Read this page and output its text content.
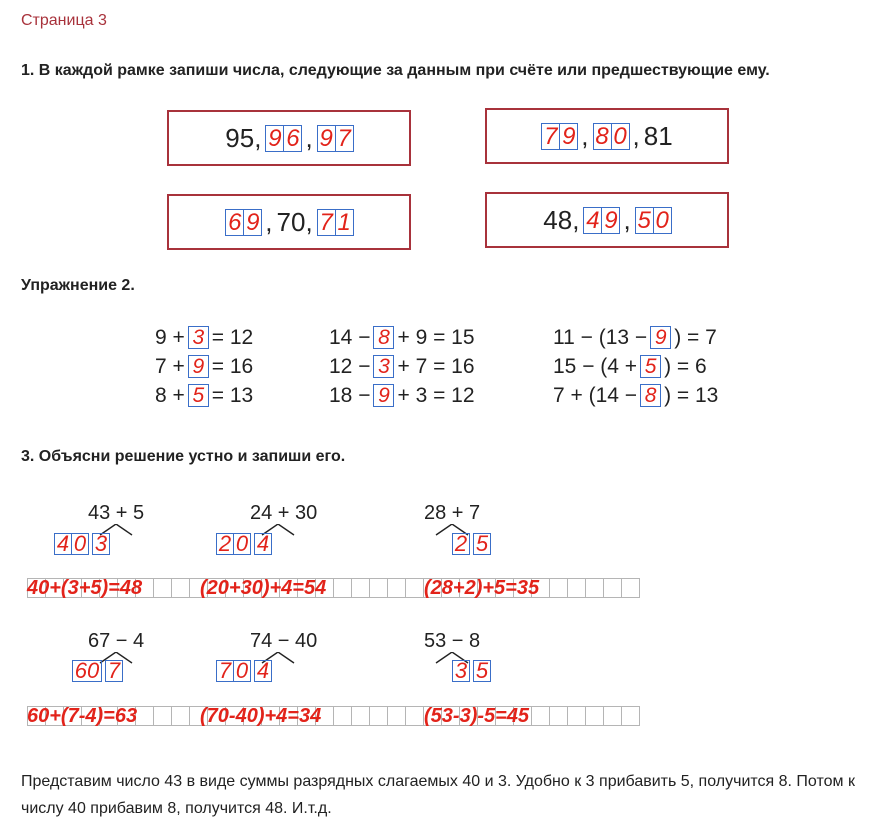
Страница 3
1. В каждой рамке запиши числа, следующие за данным при счёте или предшествующие ему.
95, 9 6 , 9 7	7 9 , 8 0 , 81
6 9 , 70, 7 1	48, 4 9 , 5 0
Упражнение 2.
9 + 3 = 12
7 + 9 = 16
8 + 5 = 13
14 − 8 + 9 = 15
12 − 3 + 7 = 16
18 − 9 + 3 = 12
11 − (13 − 9 ) = 7
15 − (4 + 5 ) = 6
7 + (14 − 8 ) = 13
3. Объясни решение устно и запиши его.
43 + 5
4 0 3
24 + 30
2 0 4
28 + 7
2 5
40+(3+5)=48	(20+30)+4=54	(28+2)+5=35
67 − 4
60 7
74 − 40
7 0 4
53 − 8
3 5
60+(7-4)=63	(70-40)+4=34	(53-3)-5=45
Представим число 43 в виде суммы разрядных слагаемых 40 и 3. Удобно к 3 прибавить 5, получится 8. Потом к числу 40 прибавим 8, получится 48. И.т.д.
